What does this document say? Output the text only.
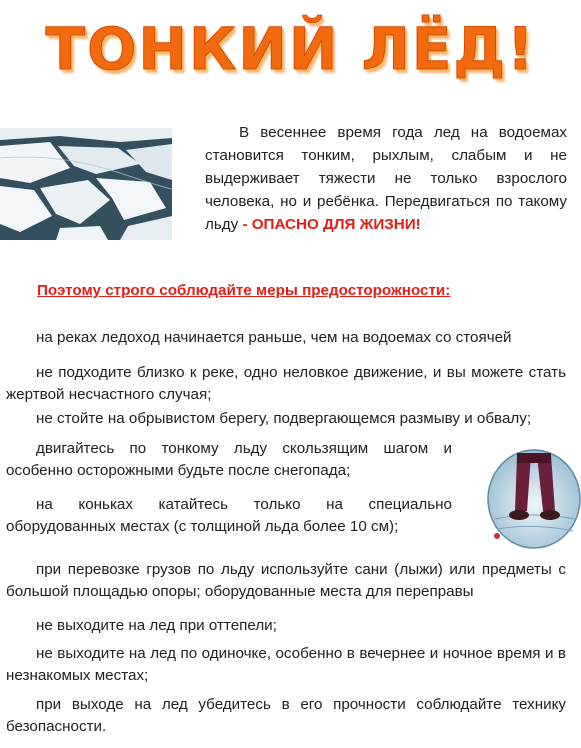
ТОНКИЙ ЛЁД!

В весеннее время года лед на водоемах становится тонким, рыхлым, слабым и не выдерживает тяжести не только взрослого человека, но и ребёнка. Передвигаться по такому льду - ОПАСНО ДЛЯ ЖИЗНИ!

Поэтому строго соблюдайте меры предосторожности:

на реках ледоход начинается раньше, чем на водоемах со стоячей

не подходите близко к реке, одно неловкое движение, и вы можете стать жертвой несчастного случая;

не стойте на обрывистом берегу, подвергающемся размыву и обвалу;

двигайтесь по тонкому льду скользящим шагом и особенно осторожными будьте после снегопада;

на коньках катайтесь только на специально оборудованных местах (с толщиной льда более 10 см);

при перевозке грузов по льду используйте сани (лыжи) или предметы с большой площадью опоры; оборудованные места для переправы

не выходите на лед при оттепели;

не выходите на лед по одиночке, особенно в вечернее и ночное время и в незнакомых местах;

при выходе на лед убедитесь в его прочности соблюдайте технику безопасности.
